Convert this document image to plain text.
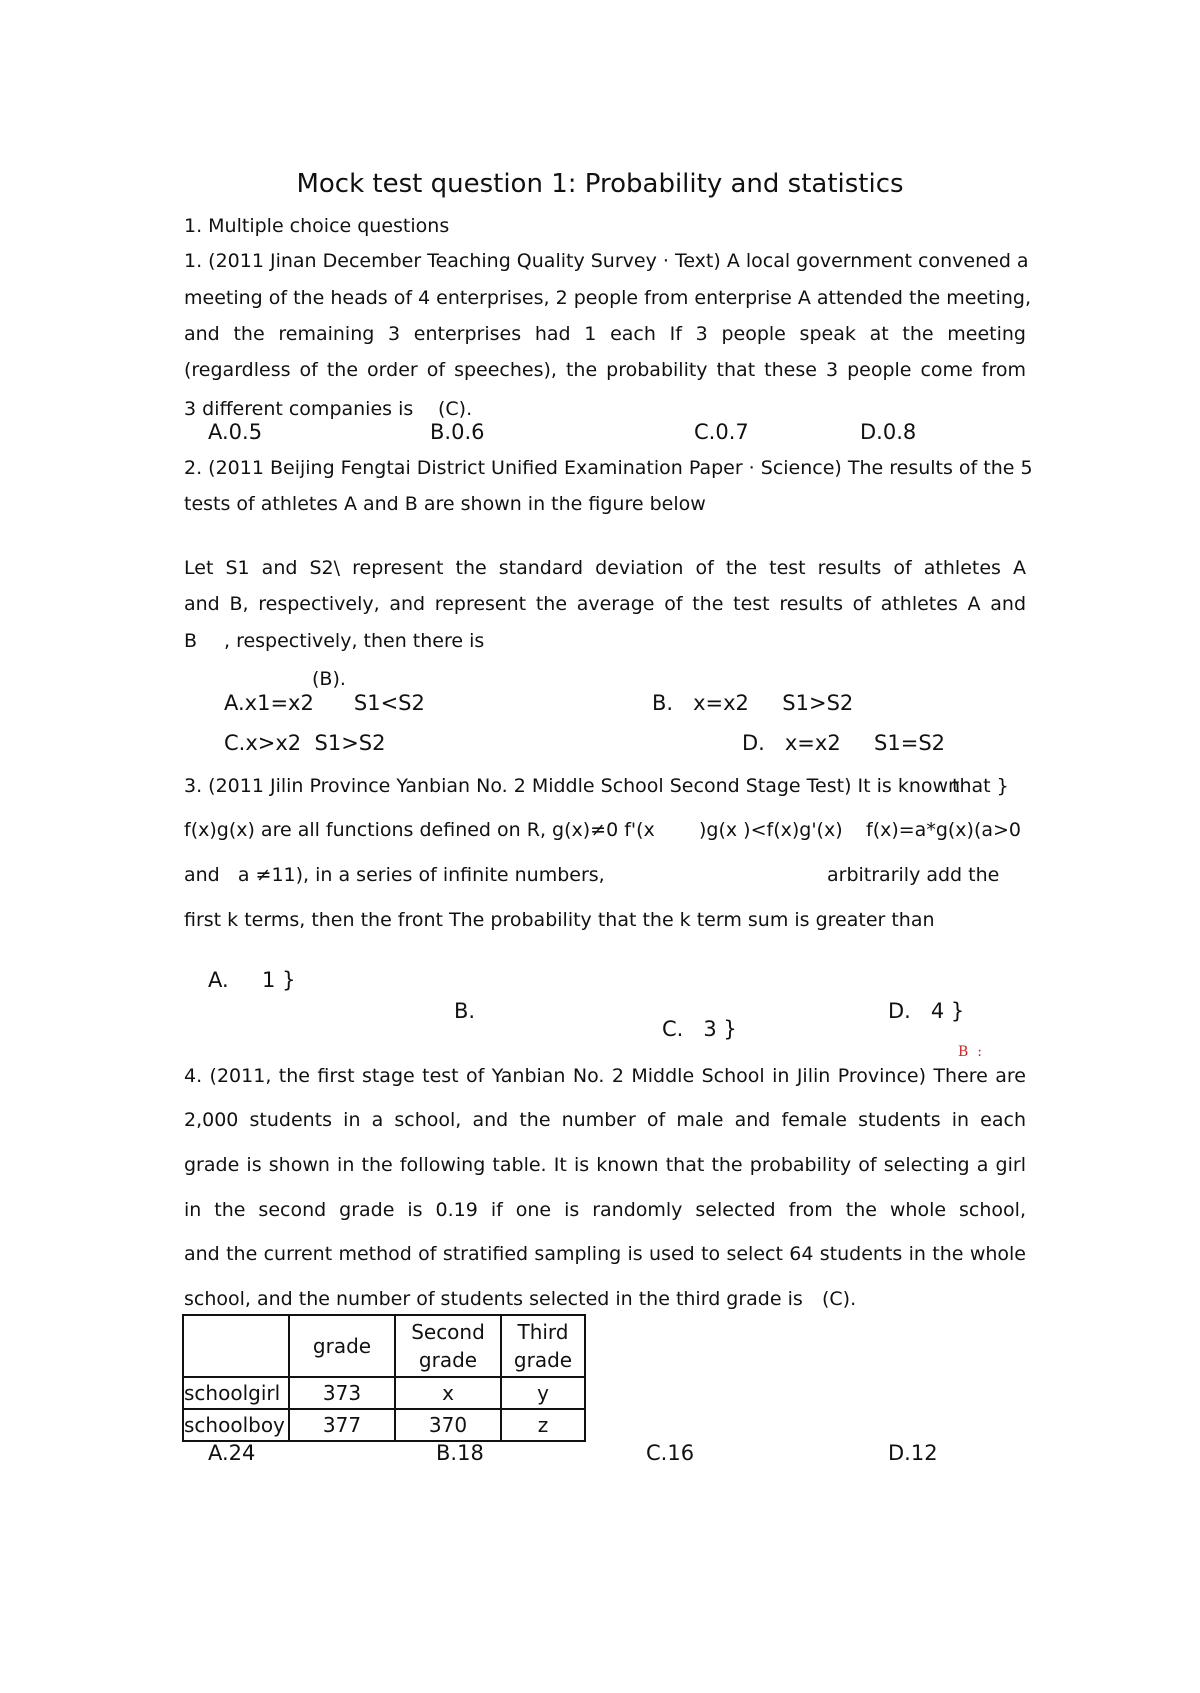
Mock test question 1: Probability and statistics
1. Multiple choice questions
1. (2011 Jinan December Teaching Quality Survey · Text) A local government convened a
meeting of the heads of 4 enterprises, 2 people from enterprise A attended the meeting,
and the remaining 3 enterprises had 1 each If 3 people speak at the meeting
(regardless of the order of speeches), the probability that these 3 people come from
3 different companies is (C).
A.0.5	B.0.6	C.0.7	D.0.8
2. (2011 Beijing Fengtai District Unified Examination Paper · Science) The results of the 5
tests of athletes A and B are shown in the figure below
Let S1 and S2\ represent the standard deviation of the test results of athletes A
and B, respectively, and represent the average of the test results of athletes A and
B , respectively, then there is
(B).
A.x1=x2      S1<S2	B.   x=x2     S1>S2
C.x>x2  S1>S2	D.   x=x2     S1=S2
3. (2011 Jilin Province Yanbian No. 2 Middle School Second Stage Test) It is known
that }
f(x)g(x) are all functions defined on R, g(x)≠0 f'(x )g(x )<f(x)g'(x) f(x)=a*g(x)(a>0
and   a ≠11), in a series of infinite numbers,	arbitrarily add the
first k terms, then the front The probability that the k term sum is greater than
A.     1 }
B.
C.   3 }
D.   4 }
B  :
4. (2011, the first stage test of Yanbian No. 2 Middle School in Jilin Province) There are
2,000 students in a school, and the number of male and female students in each
grade is shown in the following table. It is known that the probability of selecting a girl
in the second grade is 0.19 if one is randomly selected from the whole school,
and the current method of stratified sampling is used to select 64 students in the whole
school, and the number of students selected in the third grade is (C).
	grade	Second grade	Third grade
schoolgirl	373	x	y
schoolboy	377	370	z
A.24	B.18	C.16	D.12
